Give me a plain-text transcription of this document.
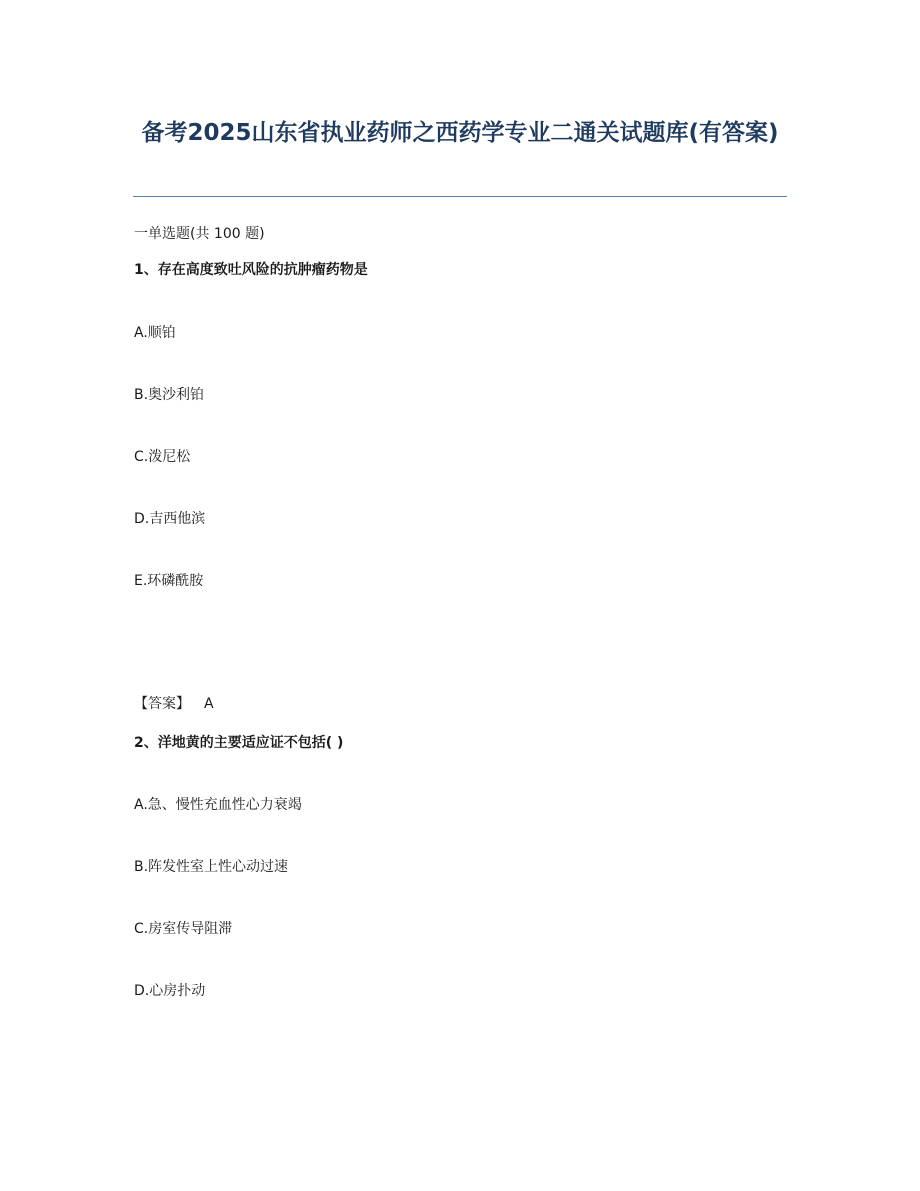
备考2025山东省执业药师之西药学专业二通关试题库(有答案)
一单选题(共 100 题)
1、存在高度致吐风险的抗肿瘤药物是
A.顺铂
B.奥沙利铂
C.泼尼松
D.吉西他滨
E.环磷酰胺
【答案】 A
2、洋地黄的主要适应证不包括( )
A.急、慢性充血性心力衰竭
B.阵发性室上性心动过速
C.房室传导阻滞
D.心房扑动
